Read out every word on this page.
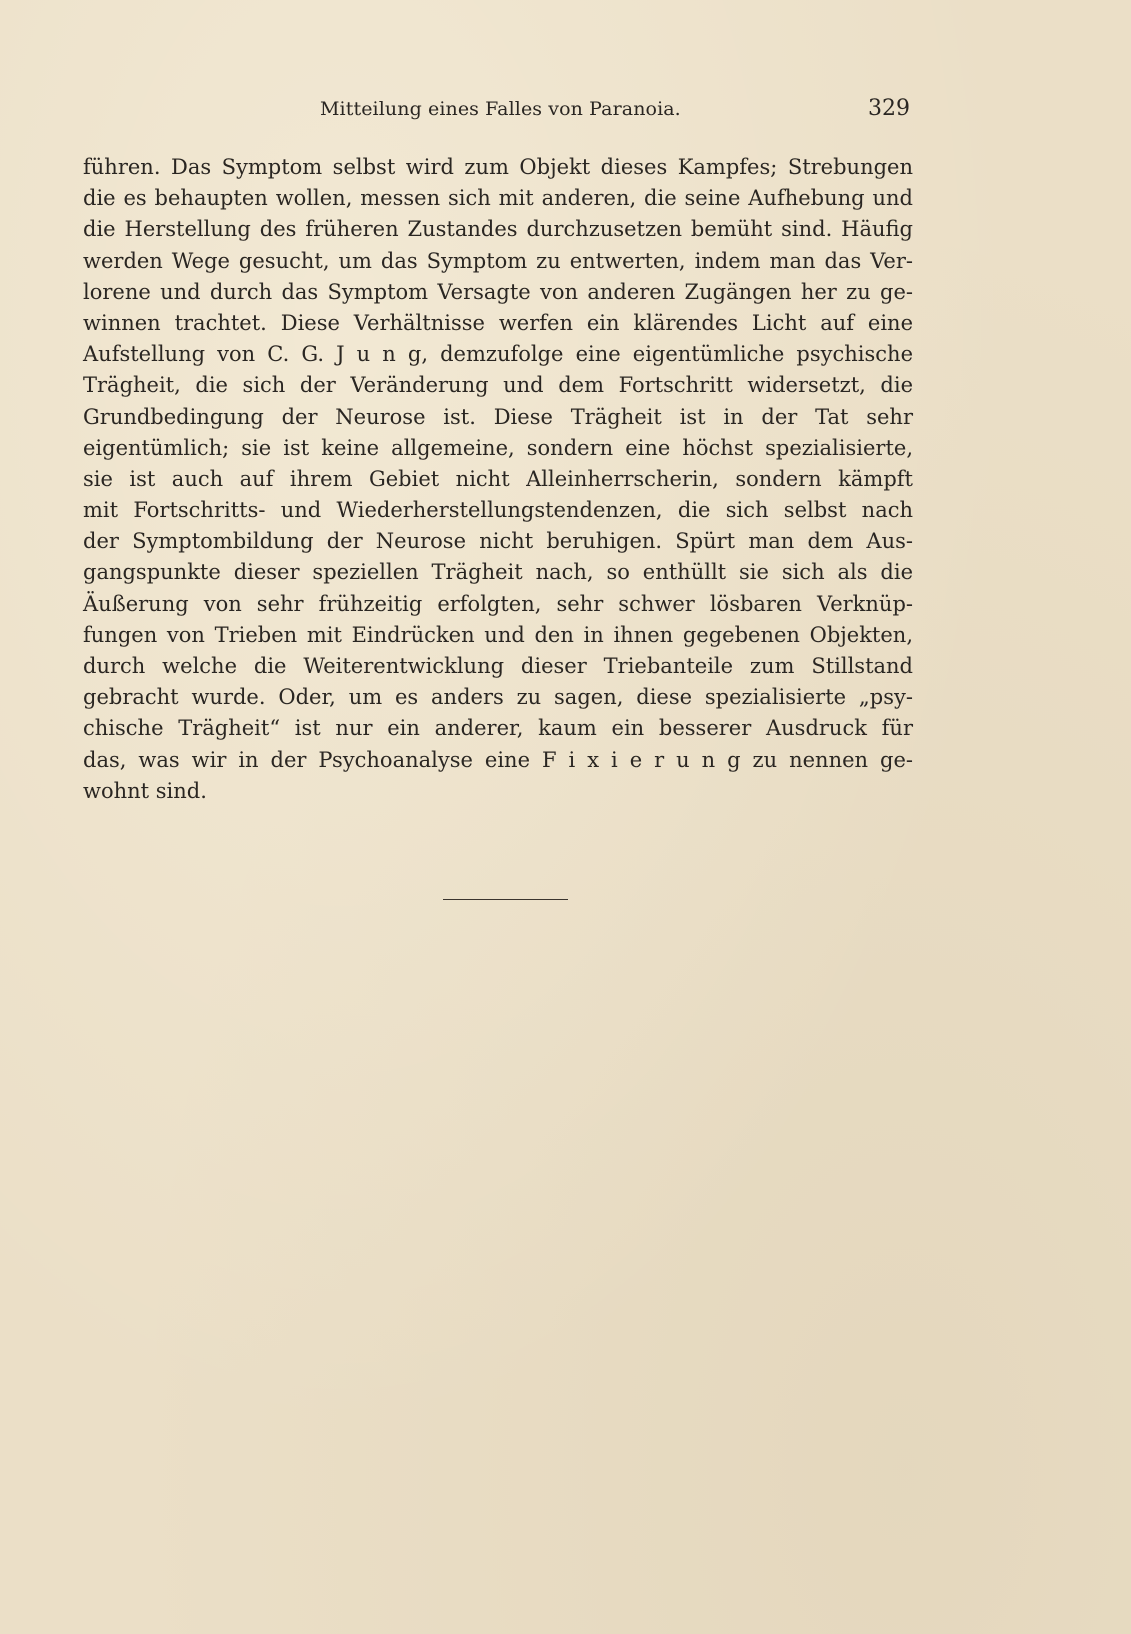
Mitteilung eines Falles von Paranoia.	329
führen. Das Symptom selbst wird zum Objekt dieses Kampfes; Strebungen
die es behaupten wollen, messen sich mit anderen, die seine Aufhebung und
die Herstellung des früheren Zustandes durchzusetzen bemüht sind. Häufig
werden Wege gesucht, um das Symptom zu entwerten, indem man das Ver-
lorene und durch das Symptom Versagte von anderen Zugängen her zu ge-
winnen trachtet. Diese Verhältnisse werfen ein klärendes Licht auf eine
Aufstellung von C. G. J u n g, demzufolge eine eigentümliche psychische
Trägheit, die sich der Veränderung und dem Fortschritt widersetzt, die
Grundbedingung der Neurose ist. Diese Trägheit ist in der Tat sehr
eigentümlich; sie ist keine allgemeine, sondern eine höchst spezialisierte,
sie ist auch auf ihrem Gebiet nicht Alleinherrscherin, sondern kämpft
mit Fortschritts- und Wiederherstellungstendenzen, die sich selbst nach
der Symptombildung der Neurose nicht beruhigen. Spürt man dem Aus-
gangspunkte dieser speziellen Trägheit nach, so enthüllt sie sich als die
Äußerung von sehr frühzeitig erfolgten, sehr schwer lösbaren Verknüp-
fungen von Trieben mit Eindrücken und den in ihnen gegebenen Objekten,
durch welche die Weiterentwicklung dieser Triebanteile zum Stillstand
gebracht wurde. Oder, um es anders zu sagen, diese spezialisierte „psy-
chische Trägheit“ ist nur ein anderer, kaum ein besserer Ausdruck für
das, was wir in der Psychoanalyse eine F i x i e r u n g zu nennen ge-
wohnt sind.
